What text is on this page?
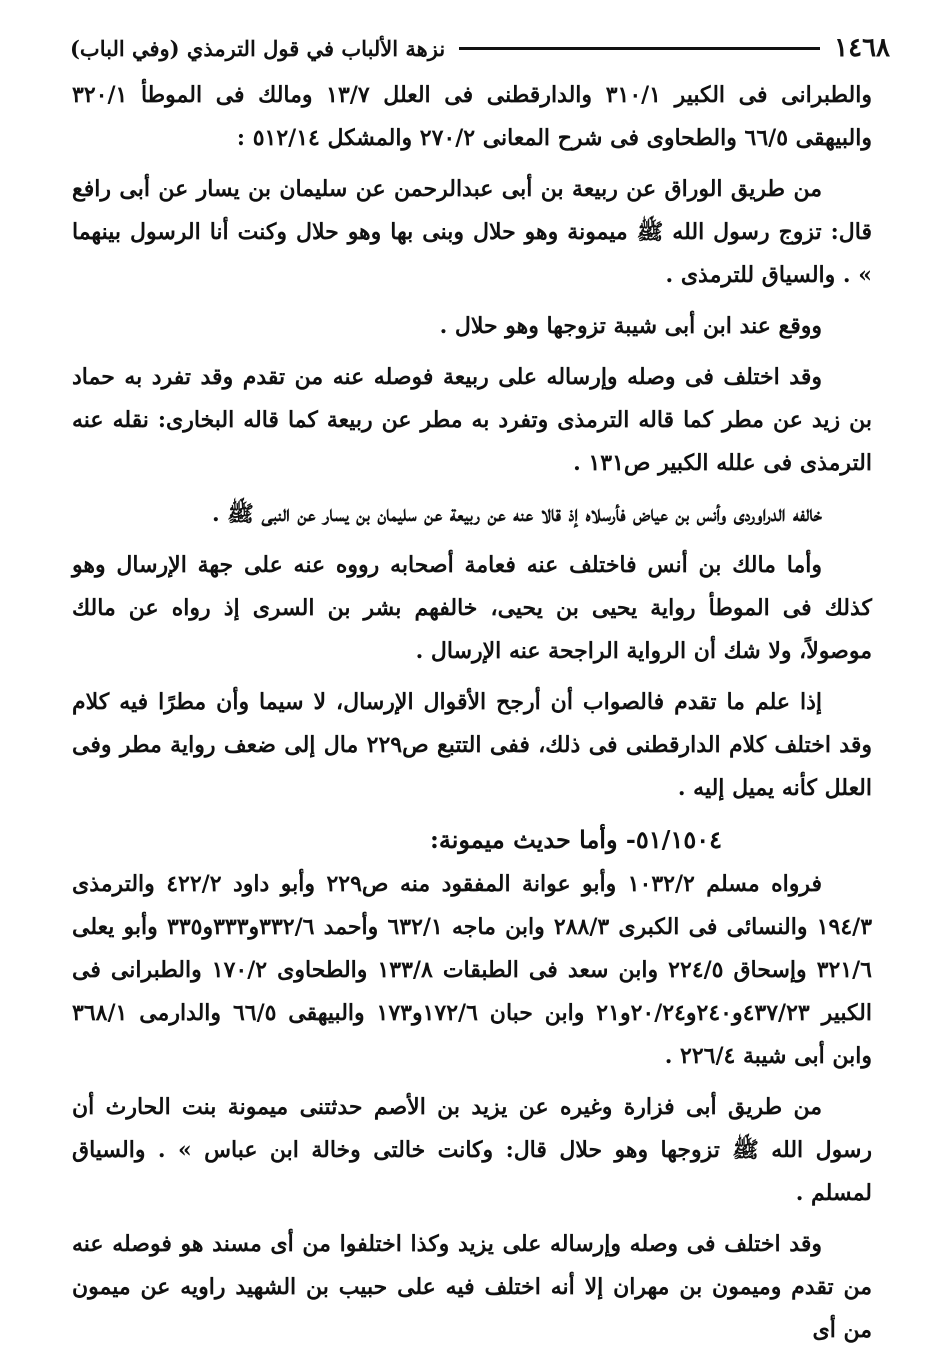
١٤٦٨
نزهة الألباب في قول الترمذي (وفي الباب)

والطبرانى فى الكبير ٣١٠/١ والدارقطنى فى العلل ١٣/٧ ومالك فى الموطأ ٣٢٠/١ والبيهقى ٦٦/٥ والطحاوى فى شرح المعانى ٢٧٠/٢ والمشكل ٥١٢/١٤ :

من طريق الوراق عن ربيعة بن أبى عبدالرحمن عن سليمان بن يسار عن أبى رافع قال: تزوج رسول الله ﷺ ميمونة وهو حلال وبنى بها وهو حلال وكنت أنا الرسول بينهما » . والسياق للترمذى .

ووقع عند ابن أبى شيبة تزوجها وهو حلال .

وقد اختلف فى وصله وإرساله على ربيعة فوصله عنه من تقدم وقد تفرد به حماد بن زيد عن مطر كما قاله الترمذى وتفرد به مطر عن ربيعة كما قاله البخارى: نقله عنه الترمذى فى علله الكبير ص١٣١ .

خالفه الدراوردى وأنس بن عياض فأرسلاه إذ قالا عنه عن ربيعة عن سليمان بن يسار عن النبى ﷺ .

وأما مالك بن أنس فاختلف عنه فعامة أصحابه رووه عنه على جهة الإرسال وهو كذلك فى الموطأ رواية يحيى بن يحيى، خالفهم بشر بن السرى إذ رواه عن مالك موصولاً، ولا شك أن الرواية الراجحة عنه الإرسال .

إذا علم ما تقدم فالصواب أن أرجح الأقوال الإرسال، لا سيما وأن مطرًا فيه كلام وقد اختلف كلام الدارقطنى فى ذلك، ففى التتبع ص٢٢٩ مال إلى ضعف رواية مطر وفى العلل كأنه يميل إليه .

٥١/١٥٠٤- وأما حديث ميمونة:

فرواه مسلم ١٠٣٢/٢ وأبو عوانة المفقود منه ص٢٢٩ وأبو داود ٤٢٢/٢ والترمذى ١٩٤/٣ والنسائى فى الكبرى ٢٨٨/٣ وابن ماجه ٦٣٢/١ وأحمد ٣٣٢/٦و٣٣٣و٣٣٥ وأبو يعلى ٣٢١/٦ وإسحاق ٢٢٤/٥ وابن سعد فى الطبقات ١٣٣/٨ والطحاوى ١٧٠/٢ والطبرانى فى الكبير ٤٣٧/٢٣و٢٤٠و٢٠/٢٤و٢١ وابن حبان ١٧٢/٦و١٧٣ والبيهقى ٦٦/٥ والدارمى ٣٦٨/١ وابن أبى شيبة ٢٢٦/٤ .

من طريق أبى فزارة وغيره عن يزيد بن الأصم حدثتنى ميمونة بنت الحارث أن رسول الله ﷺ تزوجها وهو حلال قال: وكانت خالتى وخالة ابن عباس » . والسياق لمسلم .

وقد اختلف فى وصله وإرساله على يزيد وكذا اختلفوا من أى مسند هو فوصله عنه من تقدم وميمون بن مهران إلا أنه اختلف فيه على حبيب بن الشهيد راويه عن ميمون من أى
